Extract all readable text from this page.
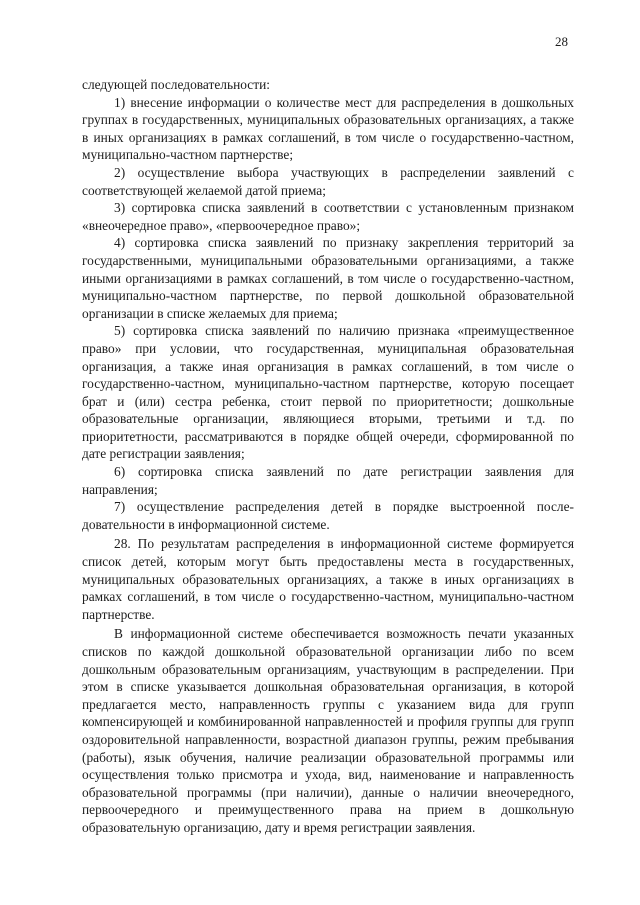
28

следующей последовательности:

1) внесение информации о количестве мест для распределения в дошкольных группах в государственных, муниципальных образовательных организациях, а также в иных организациях в рамках соглашений, в том числе о государственно-частном, муниципально-частном партнерстве;

2) осуществление выбора участвующих в распределении заявлений с соответствующей желаемой датой приема;

3) сортировка списка заявлений в соответствии с установленным признаком «внеочередное право», «первоочередное право»;

4) сортировка списка заявлений по признаку закрепления территорий за государственными, муниципальными образовательными организациями, а также иными организациями в рамках соглашений, в том числе о государственно-частном, муниципально-частном партнерстве, по первой дошкольной образовательной организации в списке желаемых для приема;

5) сортировка списка заявлений по наличию признака «преимущественное право» при условии, что государственная, муниципальная образовательная организация, а также иная организация в рамках соглашений, в том числе о государственно-частном, муниципально-частном партнерстве, которую посещает брат и (или) сестра ребенка, стоит первой по приоритетности; дошкольные образовательные организации, являющиеся вторыми, третьими и т.д. по приоритетности, рассматриваются в порядке общей очереди, сформированной по дате регистрации заявления;

6) сортировка списка заявлений по дате регистрации заявления для направления;

7) осуществление распределения детей в порядке выстроенной последовательности в информационной системе.

28. По результатам распределения в информационной системе формируется список детей, которым могут быть предоставлены места в государственных, муниципальных образовательных организациях, а также в иных организациях в рамках соглашений, в том числе о государственно-частном, муниципально-частном партнерстве.

В информационной системе обеспечивается возможность печати указанных списков по каждой дошкольной образовательной организации либо по всем дошкольным образовательным организациям, участвующим в распределении. При этом в списке указывается дошкольная образовательная организация, в которой предлагается место, направленность группы с указанием вида для групп компенсирующей и комбинированной направленностей и профиля группы для групп оздоровительной направленности, возрастной диапазон группы, режим пребывания (работы), язык обучения, наличие реализации образовательной программы или осуществления только присмотра и ухода, вид, наименование и направленность образовательной программы (при наличии), данные о наличии внеочередного, первоочередного и преимущественного права на прием в дошкольную образовательную организацию, дату и время регистрации заявления.
